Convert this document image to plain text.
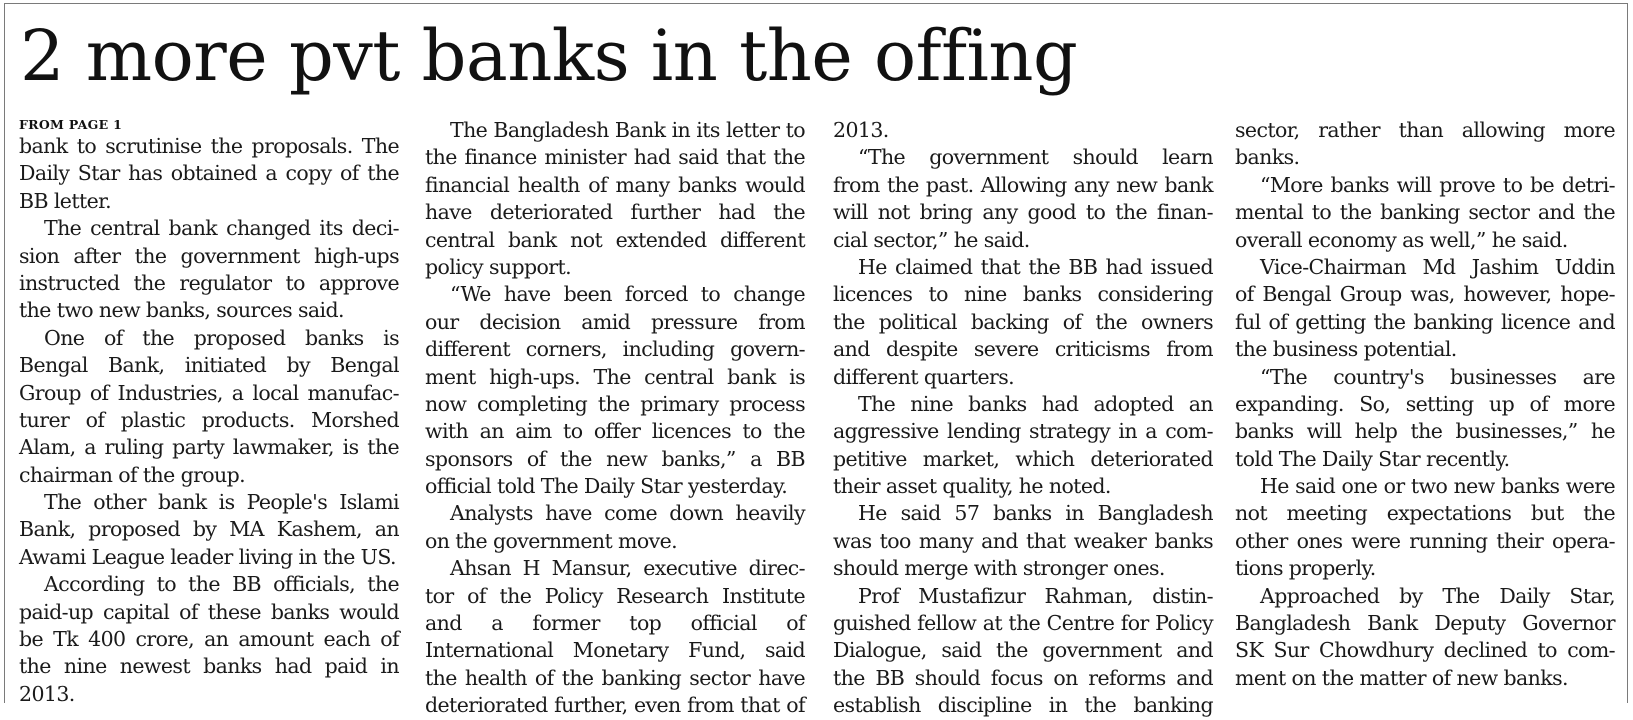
2 more pvt banks in the offing
FROM PAGE 1
bank to scrutinise the proposals. The
Daily Star has obtained a copy of the
BB letter.
The central bank changed its deci-
sion after the government high-ups
instructed the regulator to approve
the two new banks, sources said.
One of the proposed banks is
Bengal Bank, initiated by Bengal
Group of Industries, a local manufac-
turer of plastic products. Morshed
Alam, a ruling party lawmaker, is the
chairman of the group.
The other bank is People's Islami
Bank, proposed by MA Kashem, an
Awami League leader living in the US.
According to the BB officials, the
paid-up capital of these banks would
be Tk 400 crore, an amount each of
the nine newest banks had paid in
2013.
The Bangladesh Bank in its letter to
the finance minister had said that the
financial health of many banks would
have deteriorated further had the
central bank not extended different
policy support.
“We have been forced to change
our decision amid pressure from
different corners, including govern-
ment high-ups. The central bank is
now completing the primary process
with an aim to offer licences to the
sponsors of the new banks,” a BB
official told The Daily Star yesterday.
Analysts have come down heavily
on the government move.
Ahsan H Mansur, executive direc-
tor of the Policy Research Institute
and a former top official of
International Monetary Fund, said
the health of the banking sector have
deteriorated further, even from that of
2013.
“The government should learn
from the past. Allowing any new bank
will not bring any good to the finan-
cial sector,” he said.
He claimed that the BB had issued
licences to nine banks considering
the political backing of the owners
and despite severe criticisms from
different quarters.
The nine banks had adopted an
aggressive lending strategy in a com-
petitive market, which deteriorated
their asset quality, he noted.
He said 57 banks in Bangladesh
was too many and that weaker banks
should merge with stronger ones.
Prof Mustafizur Rahman, distin-
guished fellow at the Centre for Policy
Dialogue, said the government and
the BB should focus on reforms and
establish discipline in the banking
sector, rather than allowing more
banks.
“More banks will prove to be detri-
mental to the banking sector and the
overall economy as well,” he said.
Vice-Chairman Md Jashim Uddin
of Bengal Group was, however, hope-
ful of getting the banking licence and
the business potential.
“The country's businesses are
expanding. So, setting up of more
banks will help the businesses,” he
told The Daily Star recently.
He said one or two new banks were
not meeting expectations but the
other ones were running their opera-
tions properly.
Approached by The Daily Star,
Bangladesh Bank Deputy Governor
SK Sur Chowdhury declined to com-
ment on the matter of new banks.
